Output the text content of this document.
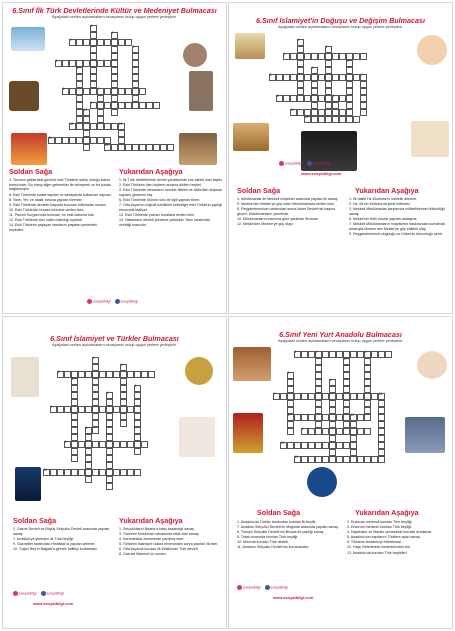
6.Sınıf İlk Türk Devletlerinde Kültür ve Medeniyet Bulmacası
Aşağıdaki verilen açıklamaların cevaplarını bulup uygun yerlere yerleştirin.
1
2
4
3
6
5
8	7
9
10	13
11
12
14
Soldan Sağa	Yukarıdan Aşağıya
4. Tanrının göklerdeki gücünü eski Türklerin sahip olduğu inancı temsil eder. Bu inanç diğer gelenekler ile birleşerek ve bir kurala bağlanmıştır.
6. Eski Türklerde kutsal sayılan ve savaşlarda kullanılan hayvan.
8. Tanrı, Yer, ve atalar ruhuna yapılan törenler.
9. Eski Türklerde devletin başında bulunan hükümdar unvanı.
10. Eski Türklerde cenaze törenine verilen isim.
11. Pazırık Kurganı'nda bulunan, en eski dokuma halı.
12. Eski Türklerde tüm halkın katıldığı toplantı.
14. Eski Türklerin yaşayan inanlarını yaşatan yerlerdeki heykeller.
1. İlk Türk devletlerinde devlet yönetiminde söz sahibi olan kişiler.
2. Eski Türklerin ölen kişilerin anısına dikilen heykel.
3. Eski Türklerde mezarların üzerine dikilen ve öldürülen düşman sayısını gösteren taş.
5. Eski Türklerde ölünün ruhu ile ilgili yapılan tören.
7. Orta Asya'nın coğrafi özellikleri sebebiyle eski Türklerin yaptığı ekonomik faaliyet.
13. Eski Türklerde yazısız kurallara verilen isim.
14. Hakanların devleti yönetme yetkisinin Tanrı tarafından verildiği inancıdır.
sosyalbilgi	sosyalbilgi
6.Sınıf İslamiyet'in Doğuşu ve Değişim Bulmacası
Aşağıdaki verilen açıklamaların cevaplarını bulup uygun yerlere yerleştirin.
1
2
4
3
5
6
7
8	9
10
12
Soldan Sağa	Yukarıdan Aşağıya
4. Müslümanlar ile Mekkeli müşrikler arasında yapılan ilk savaş.
5. Medine'den Mekke'ye göç eden Müslümanlara verilen isim.
8. Peygamberimizin vefatından sonra İslam Devleti'nin başına geçen, Müslümanların yöneticisi.
10. Müslümanların inancına göre yaratılan ilk insan.
12. Mekke'den Medine'ye göç olayı.
1. İlk halife Hz.Ebubekir'in halifelik dönemi.
2. Hz. Ali'nin Kerbela'da şehit edilmesi.
3. Mekkeli Müslümanlar karşısında müttefiklerinin bölündüğü savaş.
6. Mekke'nin fethi öncesi yapılan antlaşma.
7. Mekkeli Müslümanların müşriklerin baskısından kurtulmak amacıyla Medine'den Mekke'ye göç ettikleri olay.
9. Peygamberimizin doğduğu ve Kâbe'nin bulunduğu şehir.
sosyalbilgi	sosyalbilgi
www.sosyalbilgi.com
6.Sınıf İslamiyet ve Türkler Bulmacası
Aşağıdaki verilen açıklamaların cevaplarını bulup uygun yerlere yerleştirin.
1
2
3
4
5
6
7
8
9
10
Soldan Sağa	Yukarıdan Aşağıya
2. Gazne Devleti ve Büyük Selçuklu Devleti arasında yapılan savaş.
7. Anadolu'ya yerleşen ilk Türk beyliği.
9. Gazneliler tarafından Hindistan'a yapılan seferler.
10. Tuğrul Bey'in Bağdat'a girerek halifeyi kurtarması.
1. Selçukluların Bizans'a karşı kazandığı savaş.
3. Türklerin Müslüman olmasında etkili olan savaş.
4. Karahanlılar döneminde yazılmış eser.
5. Türklerin İslamiyet'i kabul etmesinden sonra yazılan ilk eser.
6. Orta Asya'da kurulan ilk Müslüman Türk devleti.
8. Gazneli Mahmut'un unvanı.
sosyalbilgi	sosyalbilgi
www.sosyalbilgi.com
6.Sınıf Yeni Yurt Anadolu Bulmacası
Aşağıdaki verilen açıklamaların cevaplarını bulup uygun yerlere yerleştirin.
1	2
3
4
5
6
7
8
9
12
10
13
11
Soldan Sağa	Yukarıdan Aşağıya
1. Anadolu'da Türkler tarafından kurulan ilk beylik.
7. Anadolu Selçuklu Devleti ile Moğollar arasında yapılan savaş.
8. Türkiye Selçuklu Devleti'nin Bizans ile yaptığı savaş.
9. Tokat civarında kurulan Türk beyliği.
10. Mısır'da kurulan Türk devleti.
11. Anadolu Selçuklu Devleti'nin kurucusudur.
2. Erzincan merkezli kurulan Türk beyliği.
3. Erzurum merkezli kurulan Türk beyliği.
4. Diyarbakır ve Mardin çevresinde kurulan Artuklular.
5. Anadolu'nun kapılarını Türklere açan savaş.
6. Türklerin Anadolu'yu fethetmesi.
12. Haçlı Seferlerinin nedenlerinden biri.
13. Anadolu'da kurulan Türk beylikleri.
sosyalbilgi	sosyalbilgi
www.sosyalbilgi.com
